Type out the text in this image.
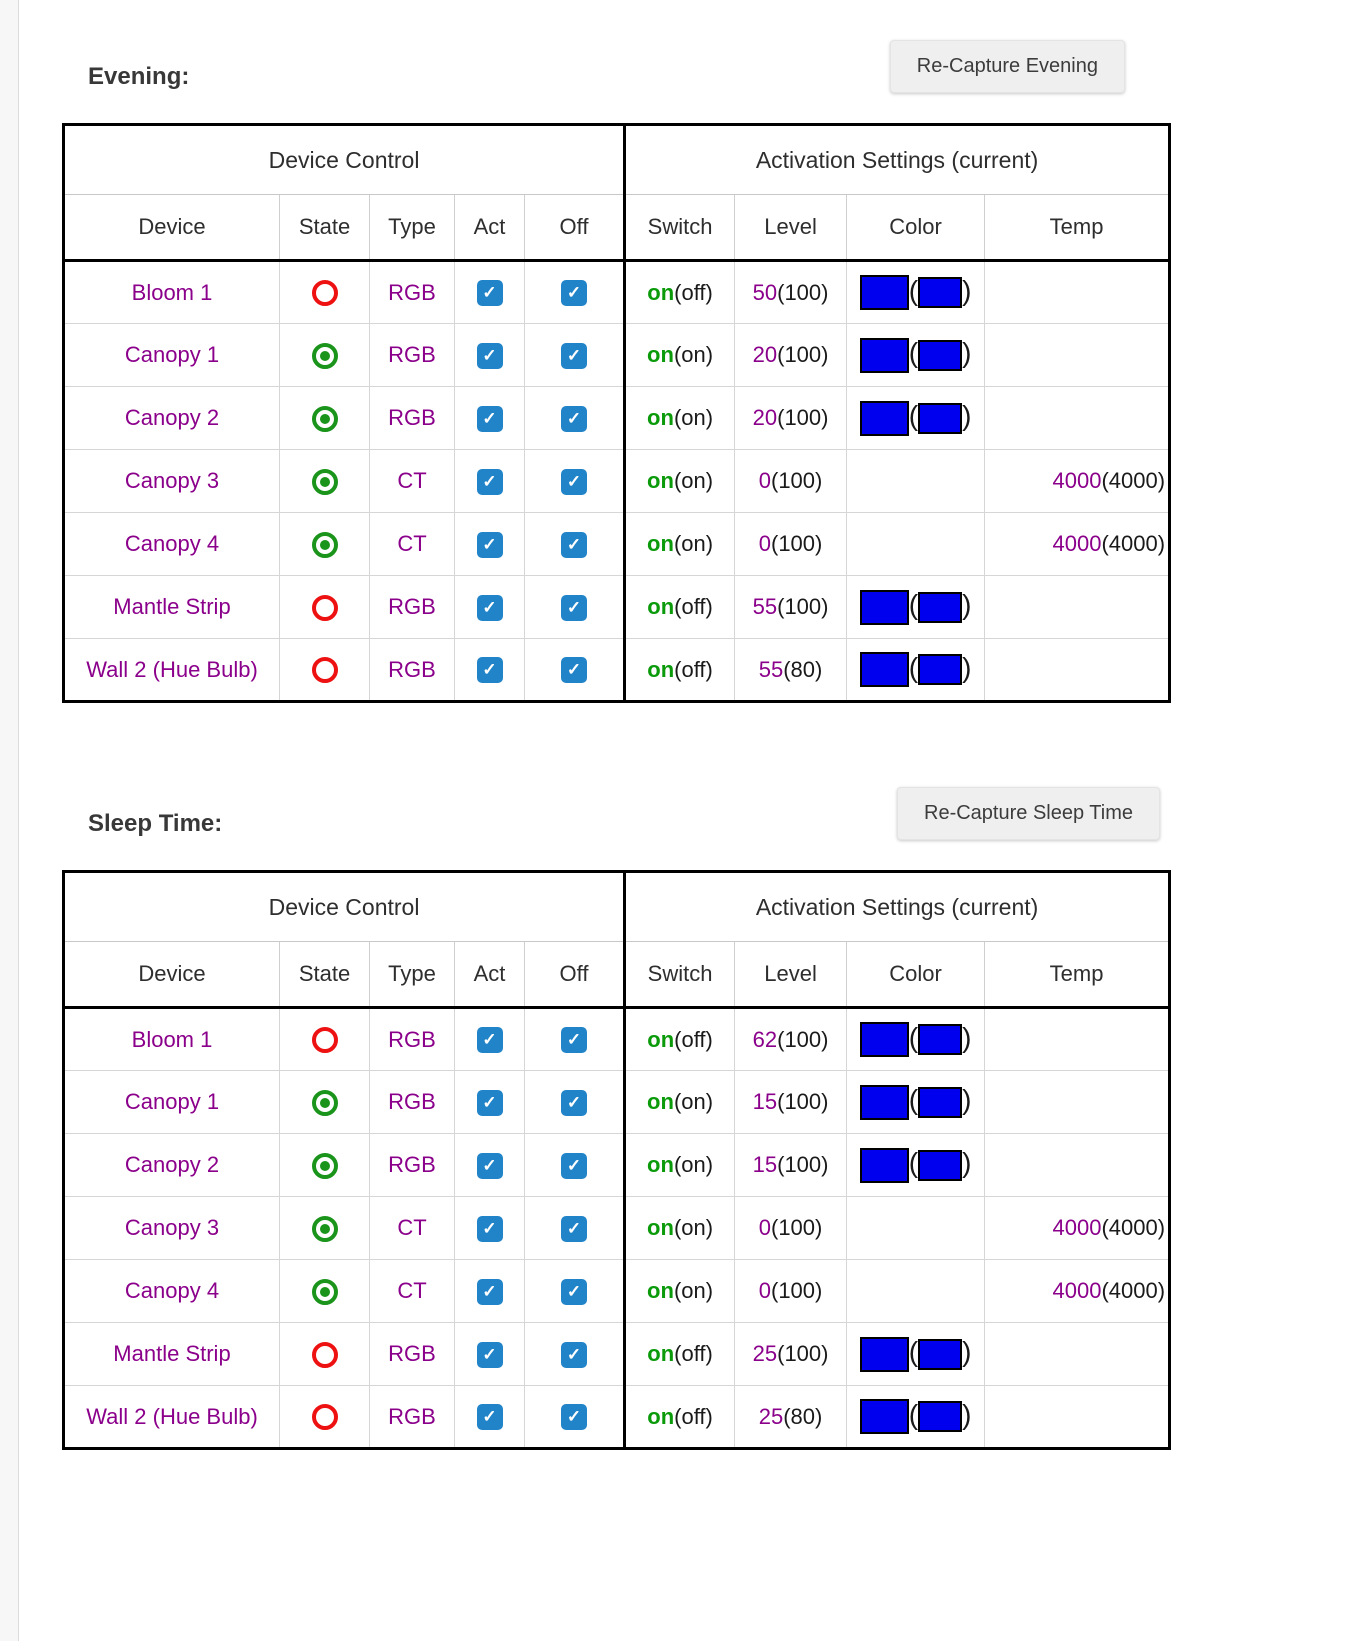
Evening:	Re-Capture Evening
Device Control					Activation Settings (current)			
Device	State	Type	Act	Off	Switch	Level	Color	Temp
Bloom 1		RGB	✓	✓	on(off)	50(100)	( )	
Canopy 1		RGB	✓	✓	on(on)	20(100)	( )	
Canopy 2		RGB	✓	✓	on(on)	20(100)	( )	
Canopy 3		CT	✓	✓	on(on)	0(100)		4000(4000)
Canopy 4		CT	✓	✓	on(on)	0(100)		4000(4000)
Mantle Strip		RGB	✓	✓	on(off)	55(100)	( )	
Wall 2 (Hue Bulb)		RGB	✓	✓	on(off)	55(80)	( )	
Sleep Time:	Re-Capture Sleep Time
Device Control					Activation Settings (current)			
Device	State	Type	Act	Off	Switch	Level	Color	Temp
Bloom 1		RGB	✓	✓	on(off)	62(100)	( )	
Canopy 1		RGB	✓	✓	on(on)	15(100)	( )	
Canopy 2		RGB	✓	✓	on(on)	15(100)	( )	
Canopy 3		CT	✓	✓	on(on)	0(100)		4000(4000)
Canopy 4		CT	✓	✓	on(on)	0(100)		4000(4000)
Mantle Strip		RGB	✓	✓	on(off)	25(100)	( )	
Wall 2 (Hue Bulb)		RGB	✓	✓	on(off)	25(80)	( )	
